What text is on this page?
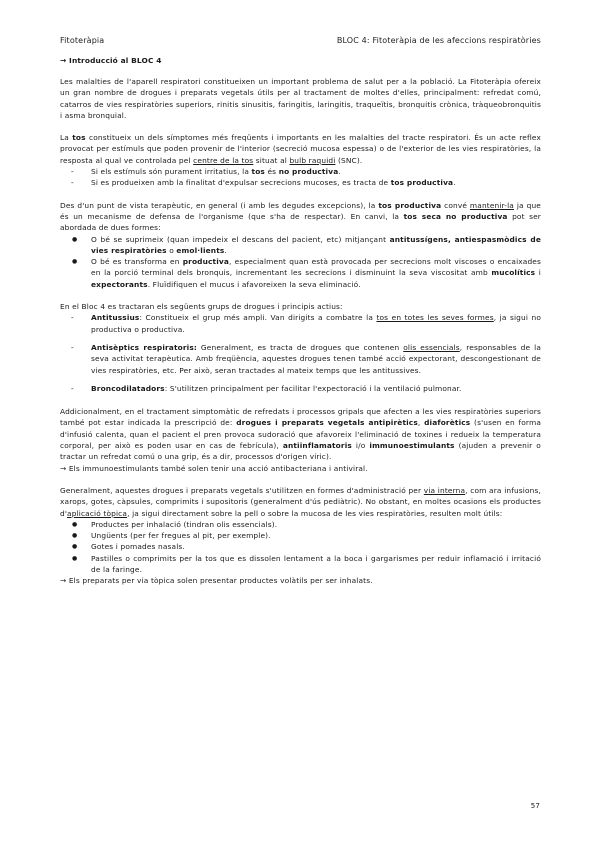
Fitoteràpia	BLOC 4: Fitoteràpia de les afeccions respiratòries
→ Introducció al BLOC 4

Les malalties de l'aparell respiratori constitueixen un important problema de salut per a la població. La Fitoteràpia ofereix un gran nombre de drogues i preparats vegetals útils per al tractament de moltes d'elles, principalment: refredat comú, catarros de vies respiratòries superiors, rinitis sinusitis, faringitis, laringitis, traqueïtis, bronquitis crònica, tràqueobronquitis i asma bronquial.

La tos constitueix un dels símptomes més freqüents i importants en les malalties del tracte respiratori. És un acte reflex provocat per estímuls que poden provenir de l'interior (secreció mucosa espessa) o de l'exterior de les vies respiratòries, la resposta al qual ve controlada pel centre de la tos situat al bulb raquidi (SNC).

- Si els estímuls són purament irritatius, la tos és no productiva.
- Si es produeixen amb la finalitat d'expulsar secrecions mucoses, es tracta de tos productiva.

Des d'un punt de vista terapèutic, en general (i amb les degudes excepcions), la tos productiva convé mantenir-la ja que és un mecanisme de defensa de l'organisme (que s'ha de respectar). En canvi, la tos seca no productiva pot ser abordada de dues formes:

● O bé se suprimeix (quan impedeix el descans del pacient, etc) mitjançant antitussígens, antiespasmòdics de vies respiratòries o emol·lients.
● O bé es transforma en productiva, especialment quan està provocada per secrecions molt viscoses o encaixades en la porció terminal dels bronquis, incrementant les secrecions i disminuint la seva viscositat amb mucolítics i expectorants. Fluïdifiquen el mucus i afavoreixen la seva eliminació.

En el Bloc 4 es tractaran els següents grups de drogues i principis actius:

- Antitussius: Constitueix el grup més ampli. Van dirigits a combatre la tos en totes les seves formes, ja sigui no productiva o productiva.
- Antisèptics respiratoris: Generalment, es tracta de drogues que contenen olis essencials, responsables de la seva activitat terapèutica. Amb freqüència, aquestes drogues tenen també acció expectorant, descongestionant de vies respiratòries, etc. Per això, seran tractades al mateix temps que les antitussives.
- Broncodilatadors: S'utilitzen principalment per facilitar l'expectoració i la ventilació pulmonar.

Addicionalment, en el tractament simptomàtic de refredats i processos gripals que afecten a les vies respiratòries superiors també pot estar indicada la prescripció de: drogues i preparats vegetals antipirètics, diaforètics (s'usen en forma d'infusió calenta, quan el pacient el pren provoca sudoració que afavoreix l'eliminació de toxines i redueix la temperatura corporal, per això es poden usar en cas de febrícula), antiinflamatoris i/o immunoestimulants (ajuden a prevenir o tractar un refredat comú o una grip, és a dir, processos d'origen víric).

→ Els immunoestimulants també solen tenir una acció antibacteriana i antiviral.

Generalment, aquestes drogues i preparats vegetals s'utilitzen en formes d'administració per via interna, com ara infusions, xarops, gotes, càpsules, comprimits i supositoris (generalment d'ús pediàtric). No obstant, en moltes ocasions els productes d'aplicació tòpica, ja sigui directament sobre la pell o sobre la mucosa de les vies respiratòries, resulten molt útils:

● Productes per inhalació (tindran olis essencials).
● Ungüents (per fer fregues al pit, per exemple).
● Gotes i pomades nasals.
● Pastilles o comprimits per la tos que es dissolen lentament a la boca i gargarismes per reduir inflamació i irritació de la faringe.

→ Els preparats per via tòpica solen presentar productes volàtils per ser inhalats.

57
